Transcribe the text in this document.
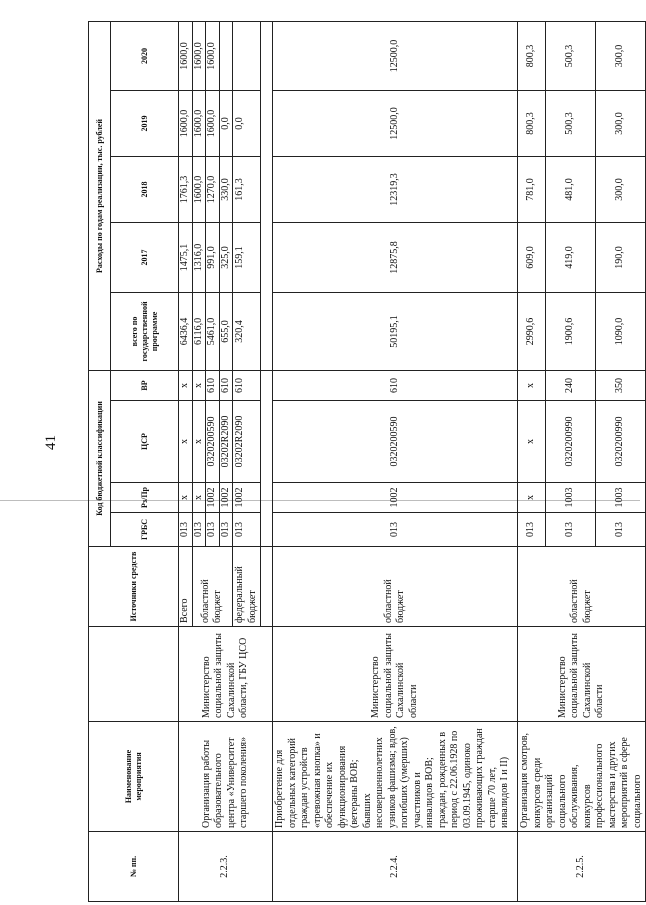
41
№ пп.	Наименование мероприятия		Источники средств	Код бюджетной классификации				Расходы по годам реализации, тыс. рублей				
				ГРБС	Рз/Пр	ЦСР	ВР	всего по государственной программе	2017	2018	2019	2020
2.2.3.	Организация работы образовательного центра «Университет старшего поколения»	Министерство социальной защиты Сахалинской области, ГБУ ЦСО	Всего	013	x	x	x	6436,4	1475,1	1761,3	1600,0	1600,0
			областной бюджет	013	x	x	x	6116,0	1316,0	1600,0	1600,0	1600,0
				013	1002	0320200590	610	5461,0	991,0	1270,0	1600,0	1600,0
				013	1002	03202R2090	610	655,0	325,0	330,0	0,0	
			федеральный бюджет	013	1002	03202R2090	610	320,4	159,1	161,3	0,0	

2.2.4.	Приобретение для отдельных категорий граждан устройств «тревожная кнопка» и обеспечение их функционирования (ветераны ВОВ; бывших несовершеннолетних узников фашизма; вдов, погибших (умерших) участников и инвалидов ВОВ; граждан, рожденных в период с 22.06.1928 по 03.09.1945, одиноко проживающих граждан старше 70 лет, инвалидов I и II)	Министерство социальной защиты Сахалинской области	областной бюджет	013	1002	0320200590	610	50195,1	12875,8	12319,3	12500,0	12500,0
2.2.5.	Организация смотров, конкурсов среди организаций социального обслуживания, конкурсов профессионального мастерства и других мероприятий в сфере социального	Министерство социальной защиты Сахалинской области	областной бюджет	013	x	x	x	2990,6	609,0	781,0	800,3	800,3
				013	1003	0320200990	240	1900,6	419,0	481,0	500,3	500,3
				013	1003	0320200990	350	1090,0	190,0	300,0	300,0	300,0
